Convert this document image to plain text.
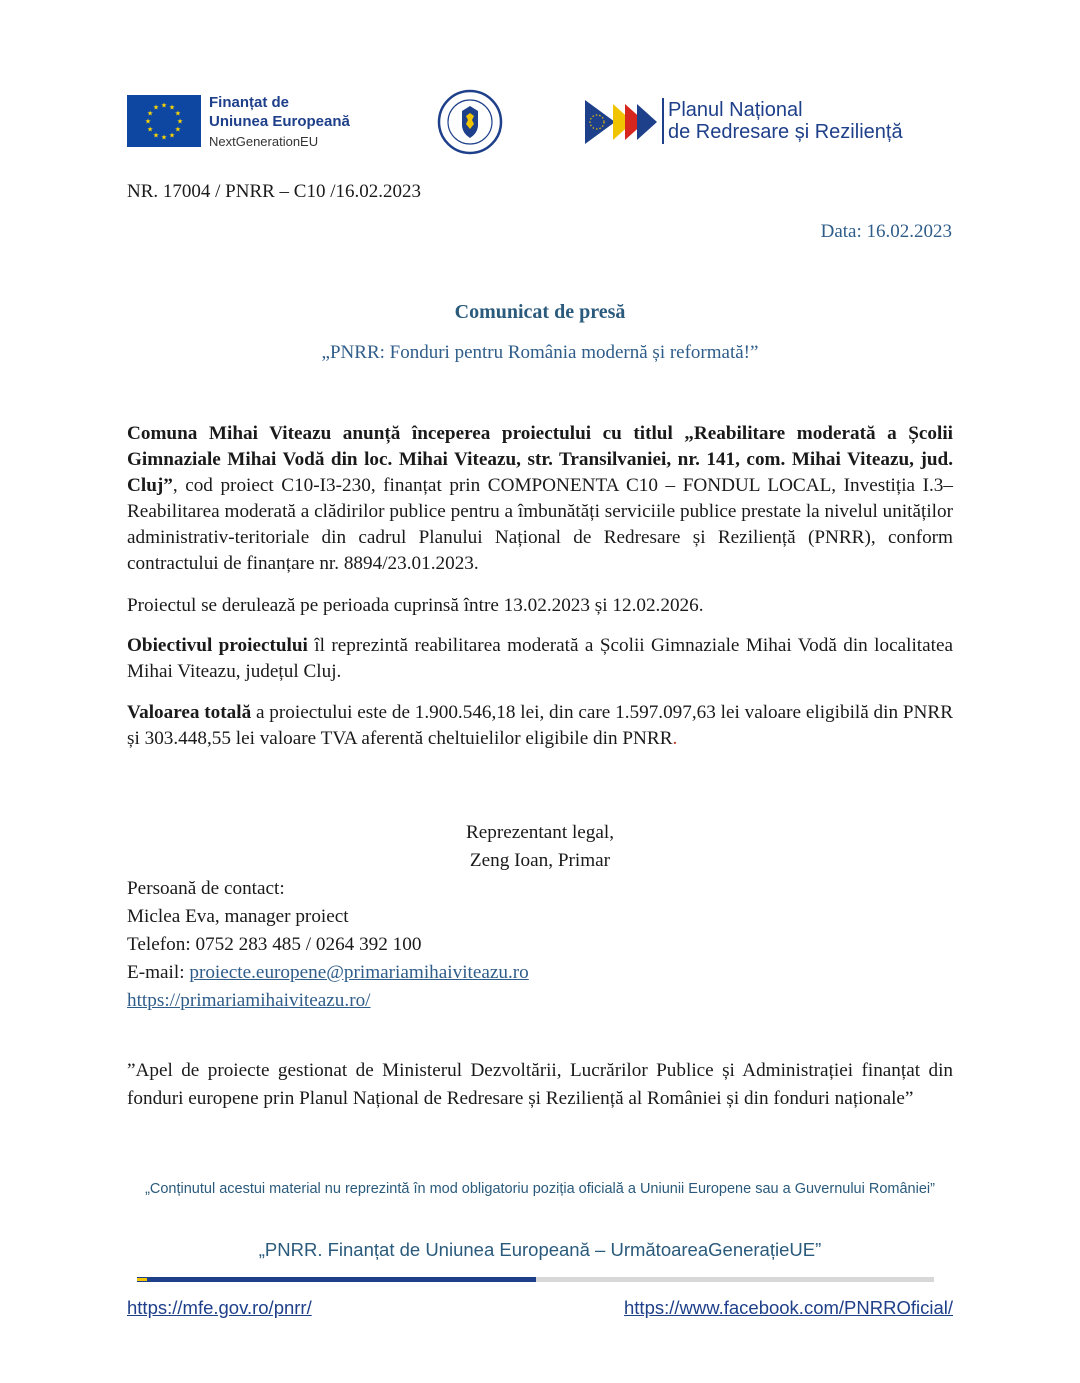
★ ★
★
★
★
★
★
★
★
★
★
★	Finanțat de
Uniunea Europeană
NextGenerationEU
Planul Național
de Redresare și Reziliență
NR. 17004 / PNRR – C10 /16.02.2023
Data: 16.02.2023
Comunicat de presă
„PNRR: Fonduri pentru România modernă și reformată!”
Comuna Mihai Viteazu anunță începerea proiectului cu titlul „Reabilitare moderată a Școlii Gimnaziale Mihai Vodă din loc. Mihai Viteazu, str. Transilvaniei, nr. 141, com. Mihai Viteazu, jud. Cluj”, cod proiect C10-I3-230, finanțat prin COMPONENTA C10 – FONDUL LOCAL, Investiția I.3– Reabilitarea moderată a clădirilor publice pentru a îmbunătăți serviciile publice prestate la nivelul unităților administrativ-teritoriale din cadrul Planului Național de Redresare și Reziliență (PNRR), conform contractului de finanțare nr. 8894/23.01.2023.
Proiectul se derulează pe perioada cuprinsă între 13.02.2023 și 12.02.2026.
Obiectivul proiectului îl reprezintă reabilitarea moderată a Școlii Gimnaziale Mihai Vodă din localitatea Mihai Viteazu, județul Cluj.
Valoarea totală a proiectului este de 1.900.546,18 lei, din care 1.597.097,63 lei valoare eligibilă din PNRR și 303.448,55 lei valoare TVA aferentă cheltuielilor eligibile din PNRR.
Reprezentant legal,
Zeng Ioan, Primar
Persoană de contact:
Miclea Eva, manager proiect
Telefon: 0752 283 485 / 0264 392 100
E-mail: proiecte.europene@primariamihaiviteazu.ro
https://primariamihaiviteazu.ro/
”Apel de proiecte gestionat de Ministerul Dezvoltării, Lucrărilor Publice și Administrației finanțat din fonduri europene prin Planul Național de Redresare și Reziliență al României și din fonduri naționale”
„Conținutul acestui material nu reprezintă în mod obligatoriu poziția oficială a Uniunii Europene sau a Guvernului României”
„PNRR. Finanțat de Uniunea Europeană – UrmătoareaGenerațieUE”
https://mfe.gov.ro/pnrr/	https://www.facebook.com/PNRROficial/
